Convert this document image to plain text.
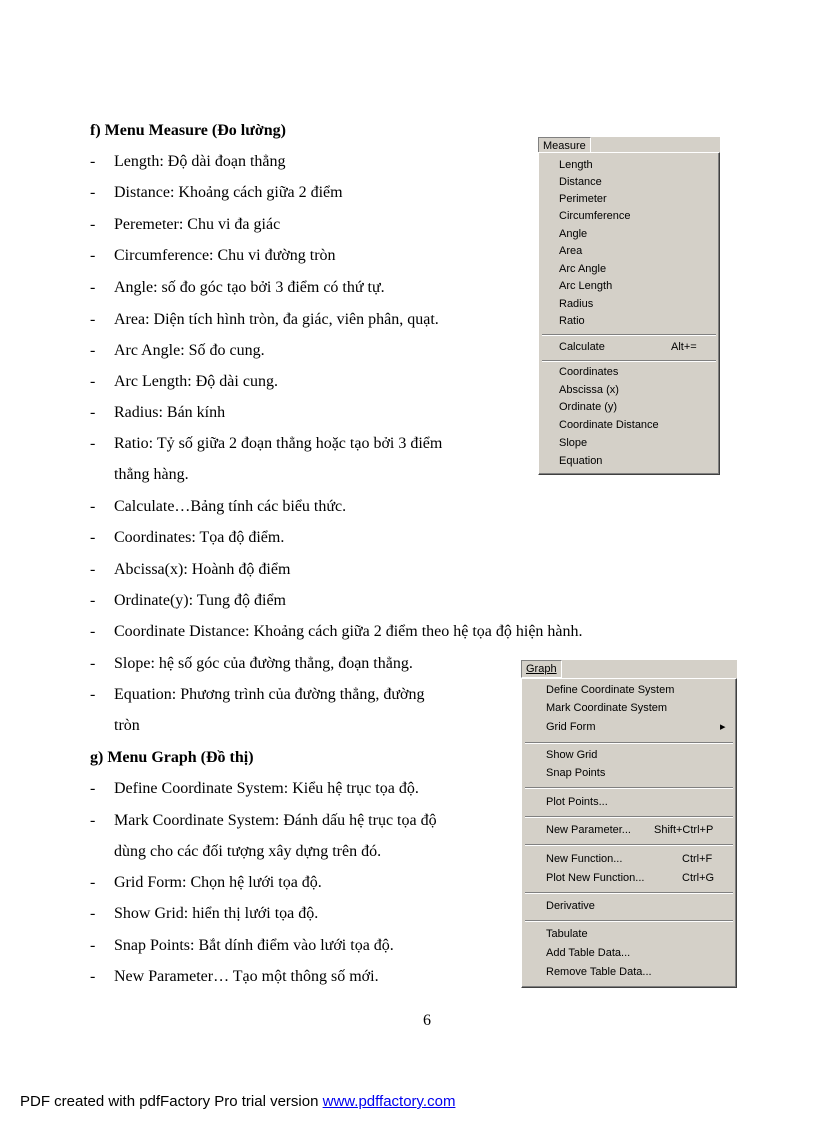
f) Menu Measure (Đo lường)
- Length: Độ dài đoạn thẳng
- Distance: Khoảng cách giữa 2 điểm
- Peremeter: Chu vi đa giác
- Circumference: Chu vi đường tròn
- Angle: số đo góc tạo bởi 3 điểm có thứ tự.
- Area: Diện tích hình tròn, đa giác, viên phân, quạt.
- Arc Angle: Số đo cung.
- Arc Length: Độ dài cung.
- Radius: Bán kính
- Ratio: Tỷ số giữa 2 đoạn thẳng hoặc tạo bởi 3 điểm
thẳng hàng.
- Calculate…Bảng tính các biểu thức.
- Coordinates: Tọa độ điểm.
- Abcissa(x): Hoành độ điểm
- Ordinate(y): Tung độ điểm
- Coordinate Distance: Khoảng cách giữa 2 điểm theo hệ tọa độ hiện hành.
- Slope: hệ số góc của đường thẳng, đoạn thẳng.
- Equation: Phương trình của đường thẳng, đường
tròn
g) Menu Graph (Đồ thị)
- Define Coordinate System: Kiểu hệ trục tọa độ.
- Mark Coordinate System: Đánh dấu hệ trục tọa độ
dùng cho các đối tượng xây dựng trên đó.
- Grid Form: Chọn hệ lưới tọa độ.
- Show Grid: hiển thị lưới tọa độ.
- Snap Points: Bắt dính điểm vào lưới tọa độ.
- New Parameter… Tạo một thông số mới.
Measure
Length
Distance
Perimeter
Circumference
Angle
Area
Arc Angle
Arc Length
Radius
Ratio
Calculate	Alt+=
Coordinates
Abscissa (x)
Ordinate (y)
Coordinate Distance
Slope
Equation
Graph
Define Coordinate System
Mark Coordinate System
Grid Form	▸
Show Grid
Snap Points
Plot Points...
New Parameter... Shift+Ctrl+P
New Function...	Ctrl+F
Plot New Function...	Ctrl+G
Derivative
Tabulate
Add Table Data...
Remove Table Data...
6
PDF created with pdfFactory Pro trial version www.pdffactory.com
